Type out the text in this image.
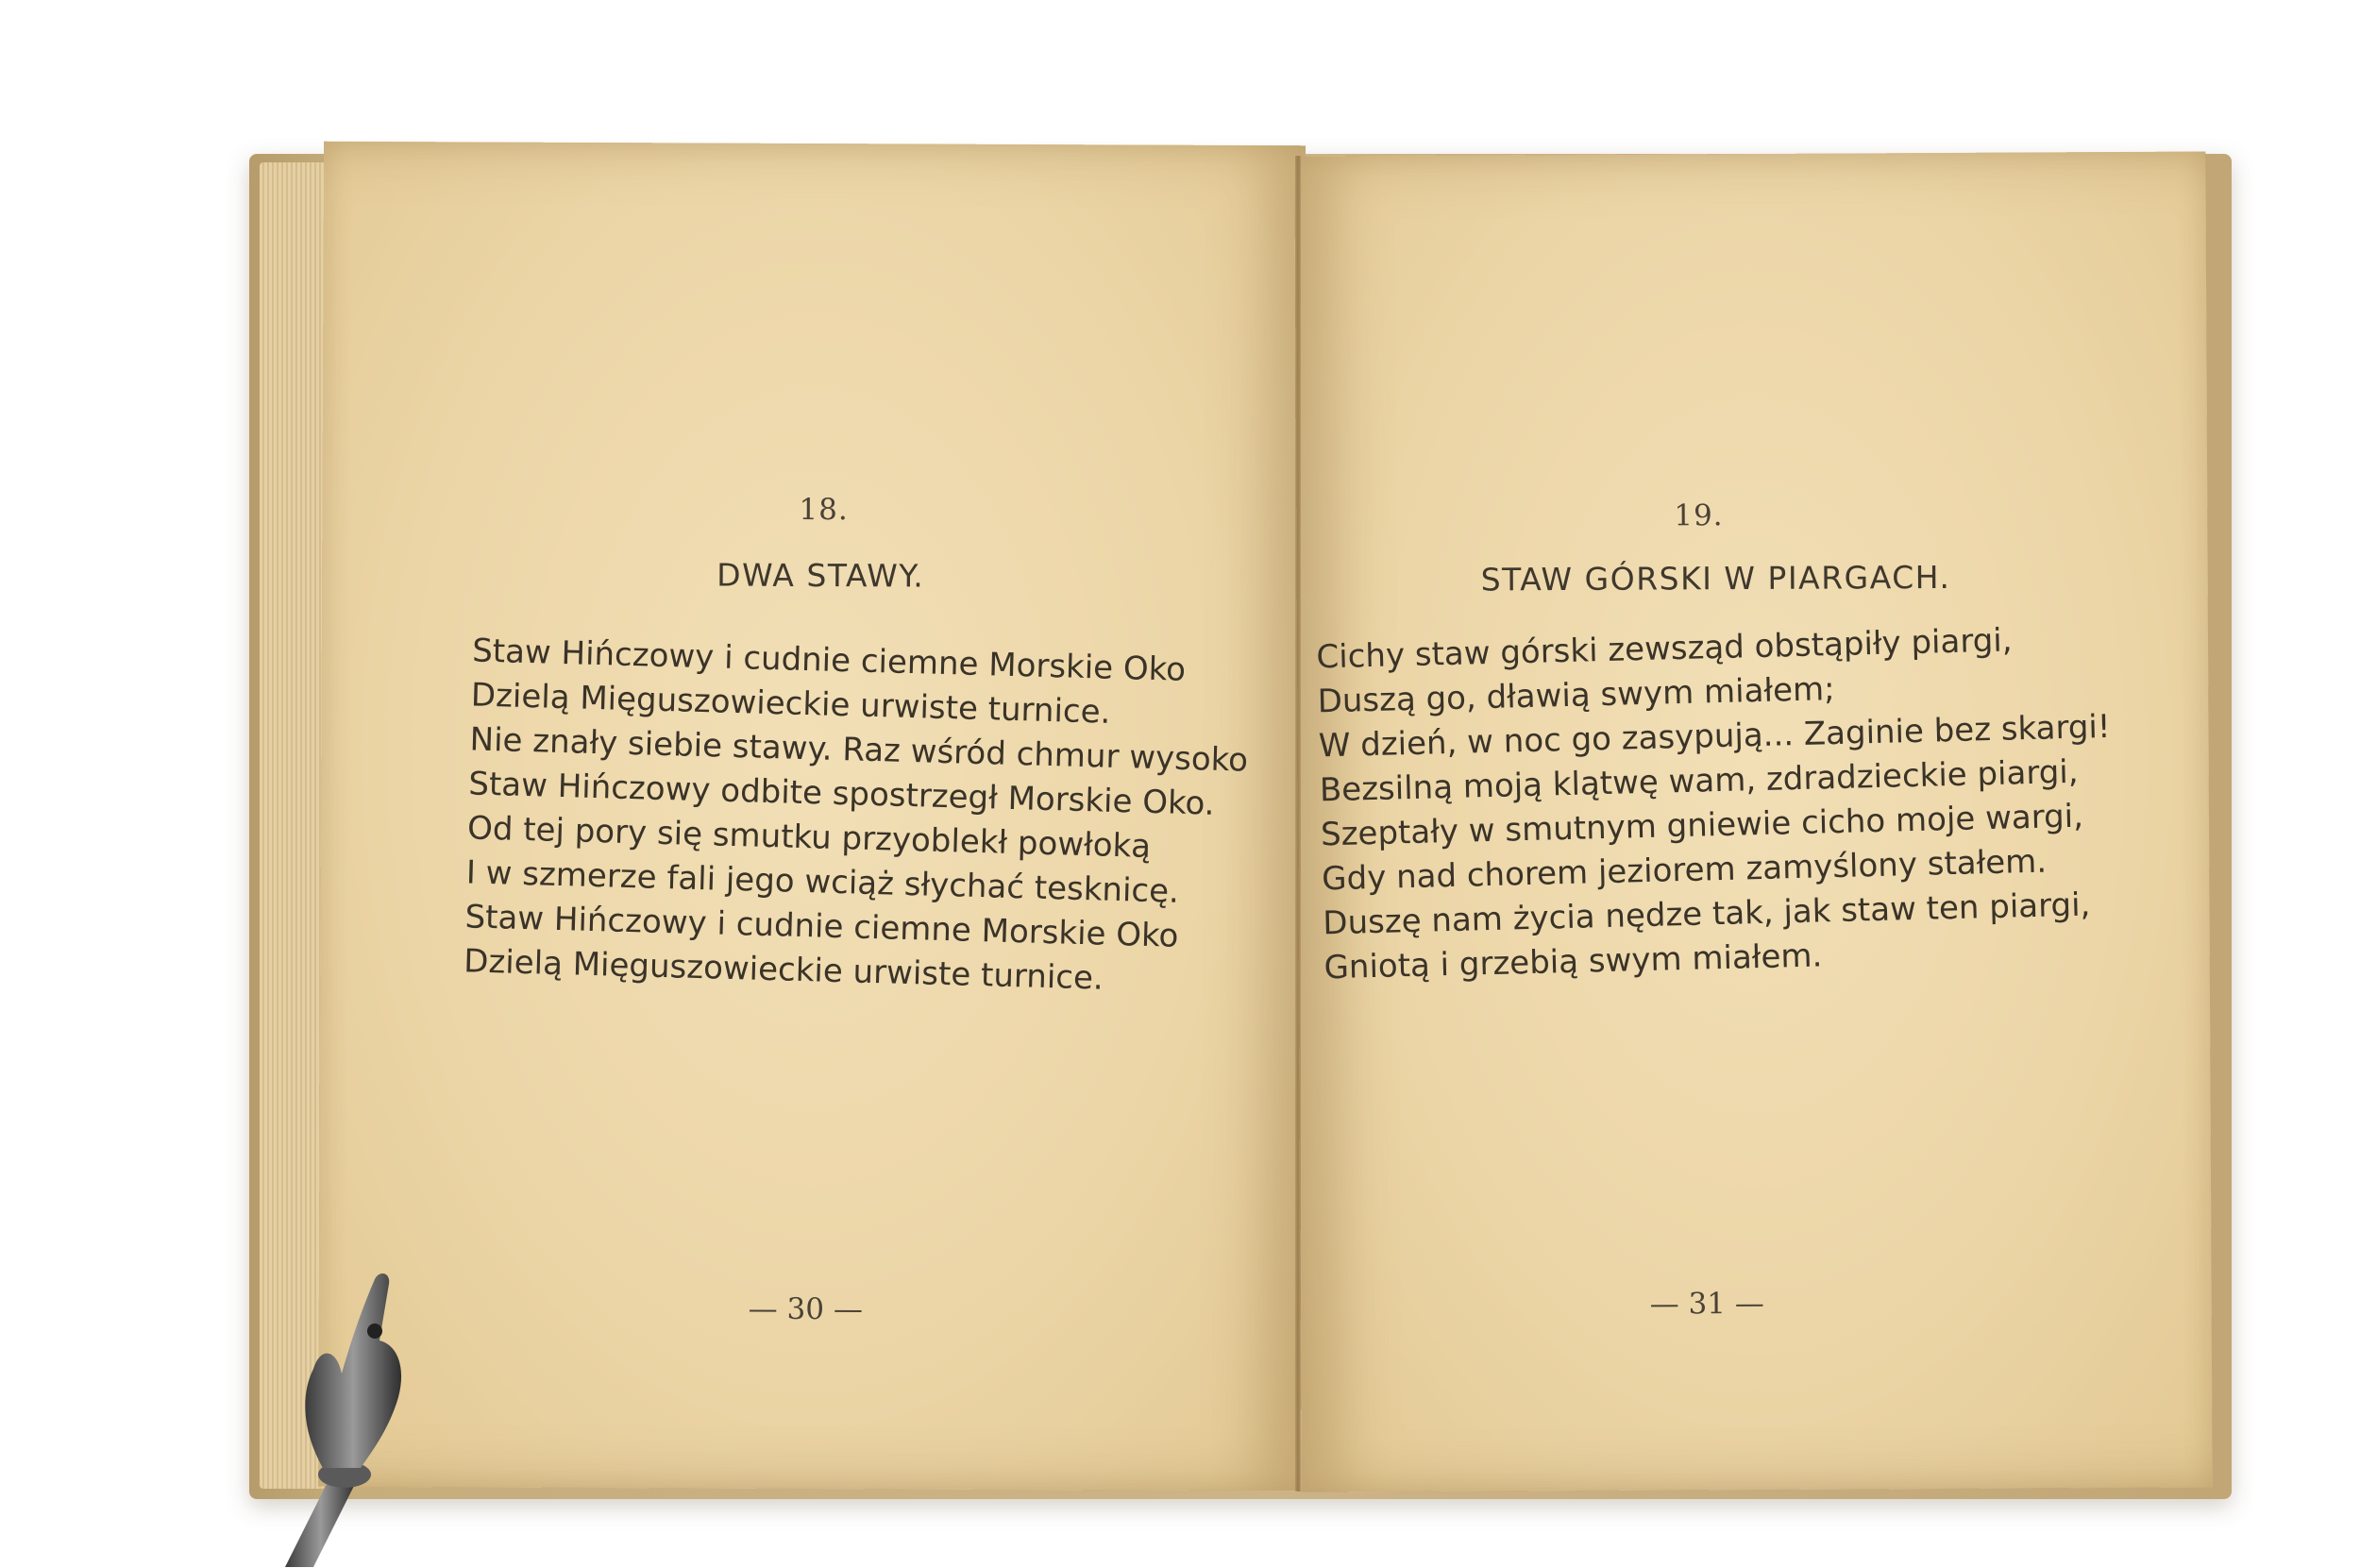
18.
DWA STAWY.
Staw Hińczowy i cudnie ciemne Morskie Oko
Dzielą Mięguszowieckie urwiste turnice.
Nie znały siebie stawy. Raz wśród chmur wysoko
Staw Hińczowy odbite spostrzegł Morskie Oko.
Od tej pory się smutku przyoblekł powłoką
I w szmerze fali jego wciąż słychać tesknicę.
Staw Hińczowy i cudnie ciemne Morskie Oko
Dzielą Mięguszowieckie urwiste turnice.
— 30 —
19.
STAW GÓRSKI W PIARGACH.
Cichy staw górski zewsząd obstąpiły piargi,
Duszą go, dławią swym miałem;
W dzień, w noc go zasypują... Zaginie bez skargi!
Bezsilną moją klątwę wam, zdradzieckie piargi,
Szeptały w smutnym gniewie cicho moje wargi,
Gdy nad chorem jeziorem zamyślony stałem.
Duszę nam życia nędze tak, jak staw ten piargi,
Gniotą i grzebią swym miałem.
— 31 —
